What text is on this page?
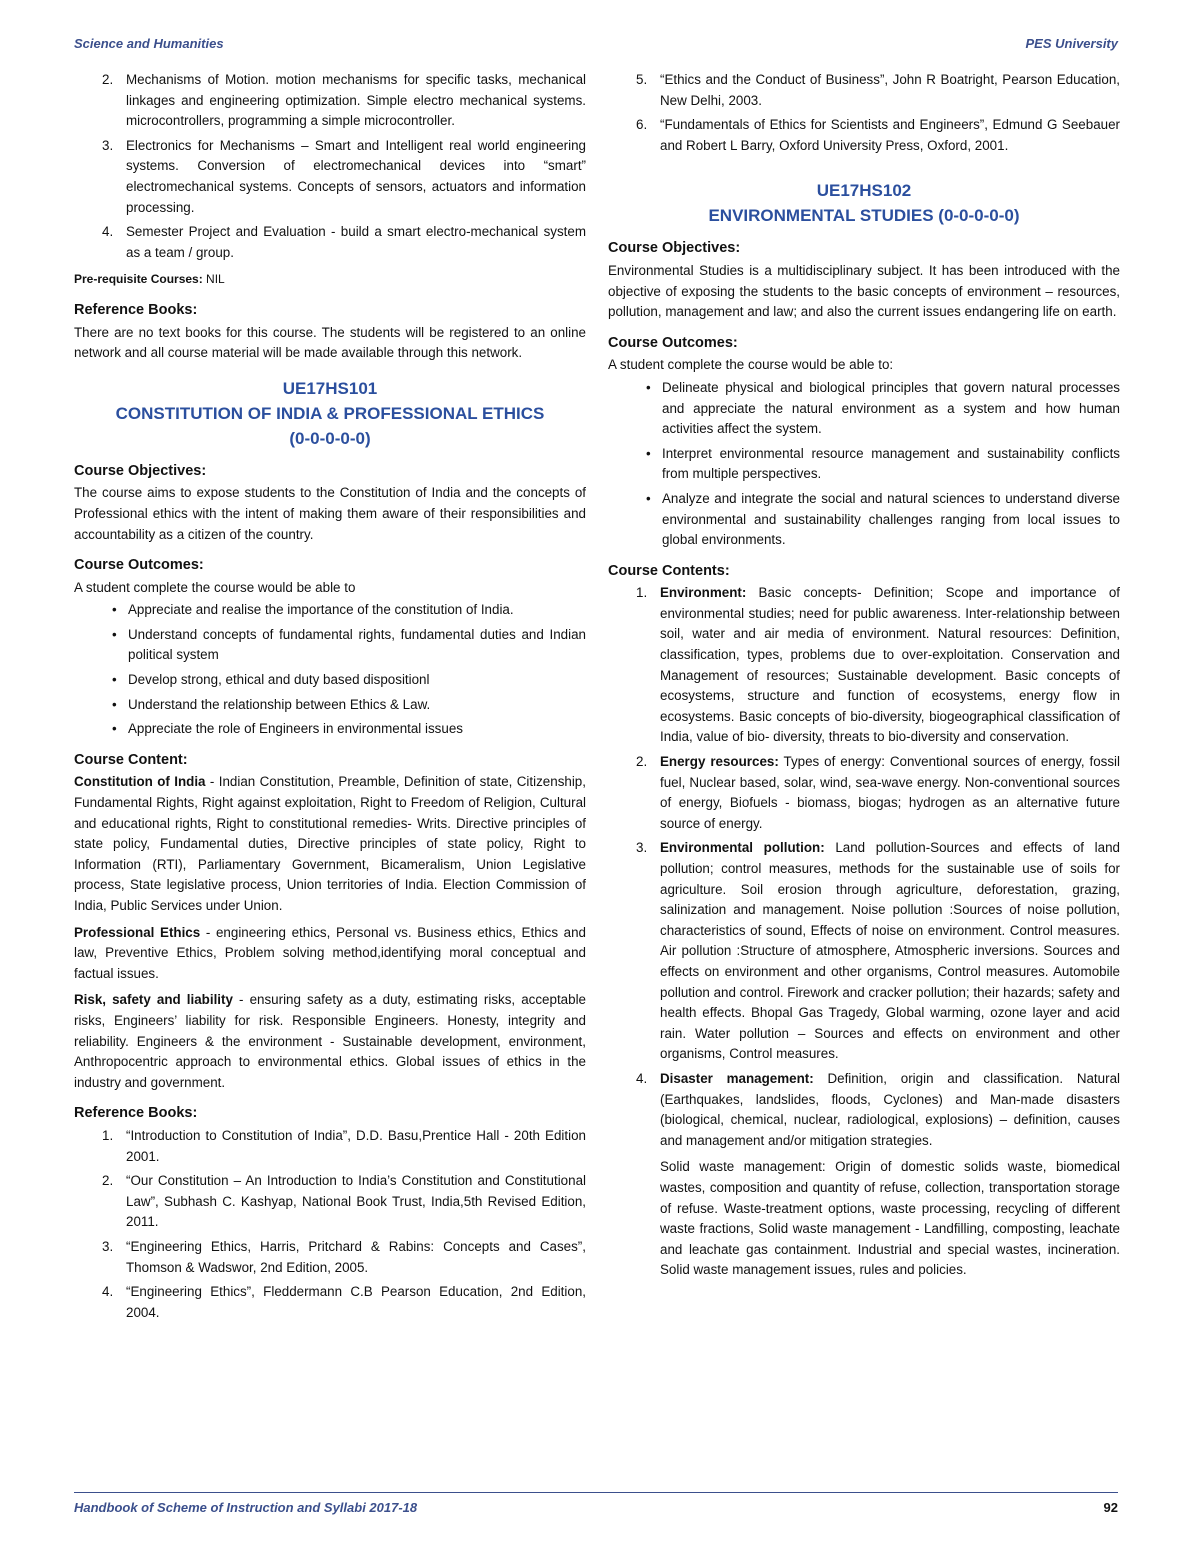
Science and Humanities	PES University
2. Mechanisms of Motion. motion mechanisms for specific tasks, mechanical linkages and engineering optimization. Simple electro mechanical systems. microcontrollers, programming a simple microcontroller.
3. Electronics for Mechanisms – Smart and Intelligent real world engineering systems. Conversion of electromechanical devices into “smart” electromechanical systems. Concepts of sensors, actuators and information processing.
4. Semester Project and Evaluation - build a smart electro-mechanical system as a team / group.

Pre-requisite Courses: NIL

Reference Books:

There are no text books for this course. The students will be registered to an online network and all course material will be made available through this network.

UE17HS101
CONSTITUTION OF INDIA & PROFESSIONAL ETHICS
(0-0-0-0-0)
Course Objectives:

The course aims to expose students to the Constitution of India and the concepts of Professional ethics with the intent of making them aware of their responsibilities and accountability as a citizen of the country.

Course Outcomes:

A student complete the course would be able to

• Appreciate and realise the importance of the constitution of India.
• Understand concepts of fundamental rights, fundamental duties and Indian political system
• Develop strong, ethical and duty based dispositionl
• Understand the relationship between Ethics & Law.
• Appreciate the role of Engineers in environmental issues
Course Content:

Constitution of India - Indian Constitution, Preamble, Definition of state, Citizenship, Fundamental Rights, Right against exploitation, Right to Freedom of Religion, Cultural and educational rights, Right to constitutional remedies- Writs. Directive principles of state policy, Fundamental duties, Directive principles of state policy, Right to Information (RTI), Parliamentary Government, Bicameralism, Union Legislative process, State legislative process, Union territories of India. Election Commission of India, Public Services under Union.

Professional Ethics - engineering ethics, Personal vs. Business ethics, Ethics and law, Preventive Ethics, Problem solving method,identifying moral conceptual and factual issues.

Risk, safety and liability - ensuring safety as a duty, estimating risks, acceptable risks, Engineers’ liability for risk. Responsible Engineers. Honesty, integrity and reliability. Engineers & the environment - Sustainable development, environment, Anthropocentric approach to environmental ethics. Global issues of ethics in the industry and government.

Reference Books:
1. “Introduction to Constitution of India”, D.D. Basu,Prentice Hall - 20th Edition 2001.
2. “Our Constitution – An Introduction to India’s Constitution and Constitutional Law”, Subhash C. Kashyap, National Book Trust, India,5th Revised Edition, 2011.
3. “Engineering Ethics, Harris, Pritchard & Rabins: Concepts and Cases”, Thomson & Wadswor, 2nd Edition, 2005.
4. “Engineering Ethics”, Fleddermann C.B Pearson Education, 2nd Edition, 2004.
5. “Ethics and the Conduct of Business”, John R Boatright, Pearson Education, New Delhi, 2003.
6. “Fundamentals of Ethics for Scientists and Engineers”, Edmund G Seebauer and Robert L Barry, Oxford University Press, Oxford, 2001.
UE17HS102
ENVIRONMENTAL STUDIES (0-0-0-0-0)
Course Objectives:

Environmental Studies is a multidisciplinary subject. It has been introduced with the objective of exposing the students to the basic concepts of environment – resources, pollution, management and law; and also the current issues endangering life on earth.

Course Outcomes:

A student complete the course would be able to:

• Delineate physical and biological principles that govern natural processes and appreciate the natural environment as a system and how human activities affect the system.
• Interpret environmental resource management and sustainability conflicts from multiple perspectives.
• Analyze and integrate the social and natural sciences to understand diverse environmental and sustainability challenges ranging from local issues to global environments.
Course Contents:
1. Environment: Basic concepts- Definition; Scope and importance of environmental studies; need for public awareness. Inter-relationship between soil, water and air media of environment. Natural resources: Definition, classification, types, problems due to over-exploitation. Conservation and Management of resources; Sustainable development. Basic concepts of ecosystems, structure and function of ecosystems, energy flow in ecosystems. Basic concepts of bio-diversity, biogeographical classification of India, value of bio- diversity, threats to bio-diversity and conservation.
2. Energy resources: Types of energy: Conventional sources of energy, fossil fuel, Nuclear based, solar, wind, sea-wave energy. Non-conventional sources of energy, Biofuels - biomass, biogas; hydrogen as an alternative future source of energy.
3. Environmental pollution: Land pollution-Sources and effects of land pollution; control measures, methods for the sustainable use of soils for agriculture. Soil erosion through agriculture, deforestation, grazing, salinization and management. Noise pollution :Sources of noise pollution, characteristics of sound, Effects of noise on environment. Control measures. Air pollution :Structure of atmosphere, Atmospheric inversions. Sources and effects on environment and other organisms, Control measures. Automobile pollution and control. Firework and cracker pollution; their hazards; safety and health effects. Bhopal Gas Tragedy, Global warming, ozone layer and acid rain. Water pollution – Sources and effects on environment and other organisms, Control measures.
4. Disaster management: Definition, origin and classification. Natural (Earthquakes, landslides, floods, Cyclones) and Man-made disasters (biological, chemical, nuclear, radiological, explosions) – definition, causes and management and/or mitigation strategies.

Solid waste management: Origin of domestic solids waste, biomedical wastes, composition and quantity of refuse, collection, transportation storage of refuse. Waste-treatment options, waste processing, recycling of different waste fractions, Solid waste management - Landfilling, composting, leachate and leachate gas containment. Industrial and special wastes, incineration. Solid waste management issues, rules and policies.

Handbook of Scheme of Instruction and Syllabi 2017-18	92
